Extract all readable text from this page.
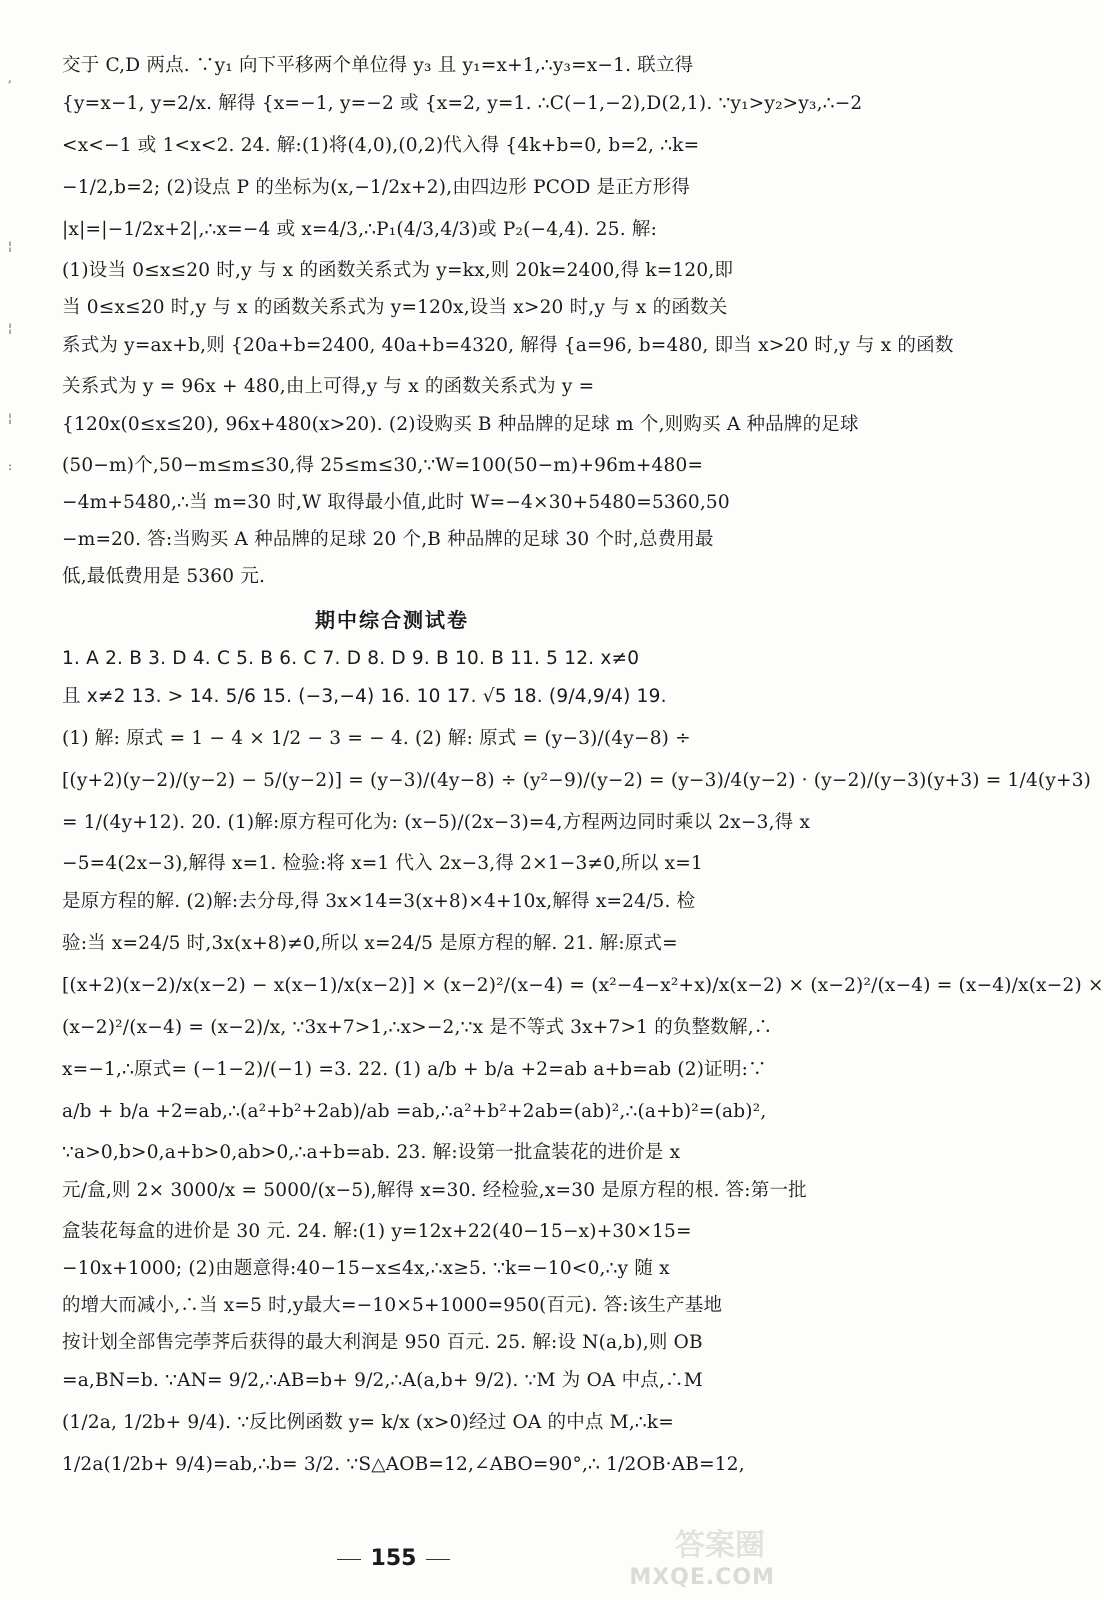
,
¦
¦
¦
:
交于 C,D 两点. ∵y₁ 向下平移两个单位得 y₃ 且 y₁=x+1,∴y₃=x−1. 联立得
{y=x−1, y=2/x. 解得 {x=−1, y=−2 或 {x=2, y=1. ∴C(−1,−2),D(2,1). ∵y₁>y₂>y₃,∴−2
<x<−1 或 1<x<2. 24. 解:(1)将(4,0),(0,2)代入得 {4k+b=0, b=2, ∴k=
−1/2,b=2; (2)设点 P 的坐标为(x,−1/2x+2),由四边形 PCOD 是正方形得
|x|=|−1/2x+2|,∴x=−4 或 x=4/3,∴P₁(4/3,4/3)或 P₂(−4,4). 25. 解:
(1)设当 0≤x≤20 时,y 与 x 的函数关系式为 y=kx,则 20k=2400,得 k=120,即
当 0≤x≤20 时,y 与 x 的函数关系式为 y=120x,设当 x>20 时,y 与 x 的函数关
系式为 y=ax+b,则 {20a+b=2400, 40a+b=4320, 解得 {a=96, b=480, 即当 x>20 时,y 与 x 的函数
关系式为 y = 96x + 480,由上可得,y 与 x 的函数关系式为 y =
{120x(0≤x≤20), 96x+480(x>20). (2)设购买 B 种品牌的足球 m 个,则购买 A 种品牌的足球
(50−m)个,50−m≤m≤30,得 25≤m≤30,∵W=100(50−m)+96m+480=
−4m+5480,∴当 m=30 时,W 取得最小值,此时 W=−4×30+5480=5360,50
−m=20. 答:当购买 A 种品牌的足球 20 个,B 种品牌的足球 30 个时,总费用最
低,最低费用是 5360 元.
期中综合测试卷
1. A 2. B 3. D 4. C 5. B 6. C 7. D 8. D 9. B 10. B 11. 5 12. x≠0
且 x≠2 13. > 14. 5/6 15. (−3,−4) 16. 10 17. √5 18. (9/4,9/4) 19.
(1) 解: 原式 = 1 − 4 × 1/2 − 3 = − 4. (2) 解: 原式 = (y−3)/(4y−8) ÷
[(y+2)(y−2)/(y−2) − 5/(y−2)] = (y−3)/(4y−8) ÷ (y²−9)/(y−2) = (y−3)/4(y−2) · (y−2)/(y−3)(y+3) = 1/4(y+3)
= 1/(4y+12). 20. (1)解:原方程可化为: (x−5)/(2x−3)=4,方程两边同时乘以 2x−3,得 x
−5=4(2x−3),解得 x=1. 检验:将 x=1 代入 2x−3,得 2×1−3≠0,所以 x=1
是原方程的解. (2)解:去分母,得 3x×14=3(x+8)×4+10x,解得 x=24/5. 检
验:当 x=24/5 时,3x(x+8)≠0,所以 x=24/5 是原方程的解. 21. 解:原式=
[(x+2)(x−2)/x(x−2) − x(x−1)/x(x−2)] × (x−2)²/(x−4) = (x²−4−x²+x)/x(x−2) × (x−2)²/(x−4) = (x−4)/x(x−2) ×
(x−2)²/(x−4) = (x−2)/x, ∵3x+7>1,∴x>−2,∵x 是不等式 3x+7>1 的负整数解,∴
x=−1,∴原式= (−1−2)/(−1) =3. 22. (1) a/b + b/a +2=ab a+b=ab (2)证明:∵
a/b + b/a +2=ab,∴(a²+b²+2ab)/ab =ab,∴a²+b²+2ab=(ab)²,∴(a+b)²=(ab)²,
∵a>0,b>0,a+b>0,ab>0,∴a+b=ab. 23. 解:设第一批盒装花的进价是 x
元/盒,则 2× 3000/x = 5000/(x−5),解得 x=30. 经检验,x=30 是原方程的根. 答:第一批
盒装花每盒的进价是 30 元. 24. 解:(1) y=12x+22(40−15−x)+30×15=
−10x+1000; (2)由题意得:40−15−x≤4x,∴x≥5. ∵k=−10<0,∴y 随 x
的增大而减小,∴当 x=5 时,y最大=−10×5+1000=950(百元). 答:该生产基地
按计划全部售完荸荠后获得的最大利润是 950 百元. 25. 解:设 N(a,b),则 OB
=a,BN=b. ∵AN= 9/2,∴AB=b+ 9/2,∴A(a,b+ 9/2). ∵M 为 OA 中点,∴M
(1/2a, 1/2b+ 9/4). ∵反比例函数 y= k/x (x>0)经过 OA 的中点 M,∴k=
1/2a(1/2b+ 9/4)=ab,∴b= 3/2. ∵S△AOB=12,∠ABO=90°,∴ 1/2OB·AB=12,
155	答案圈
MXQE.COM
